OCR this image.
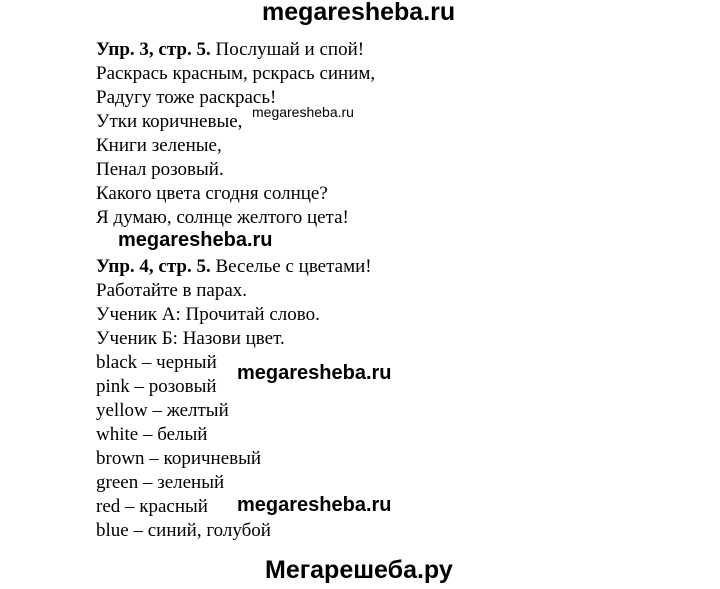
megaresheba.ru
Упр. 3, стр. 5. Послушай и спой!
Раскрась красным, рскрась синим,
Радугу тоже раскрась!
Утки коричневые,
Книги зеленые,
Пенал розовый.
Какого цвета сгодня солнце?
Я думаю, солнце желтого цета!
megaresheba.ru
megaresheba.ru
Упр. 4, стр. 5. Веселье с цветами!
Работайте в парах.
Ученик А: Прочитай слово.
Ученик Б: Назови цвет.
black – черный
pink – розовый
yellow – желтый
white – белый
brown – коричневый
green – зеленый
red – красный
blue – синий, голубой
megaresheba.ru
megaresheba.ru
Мегарешеба.ру
